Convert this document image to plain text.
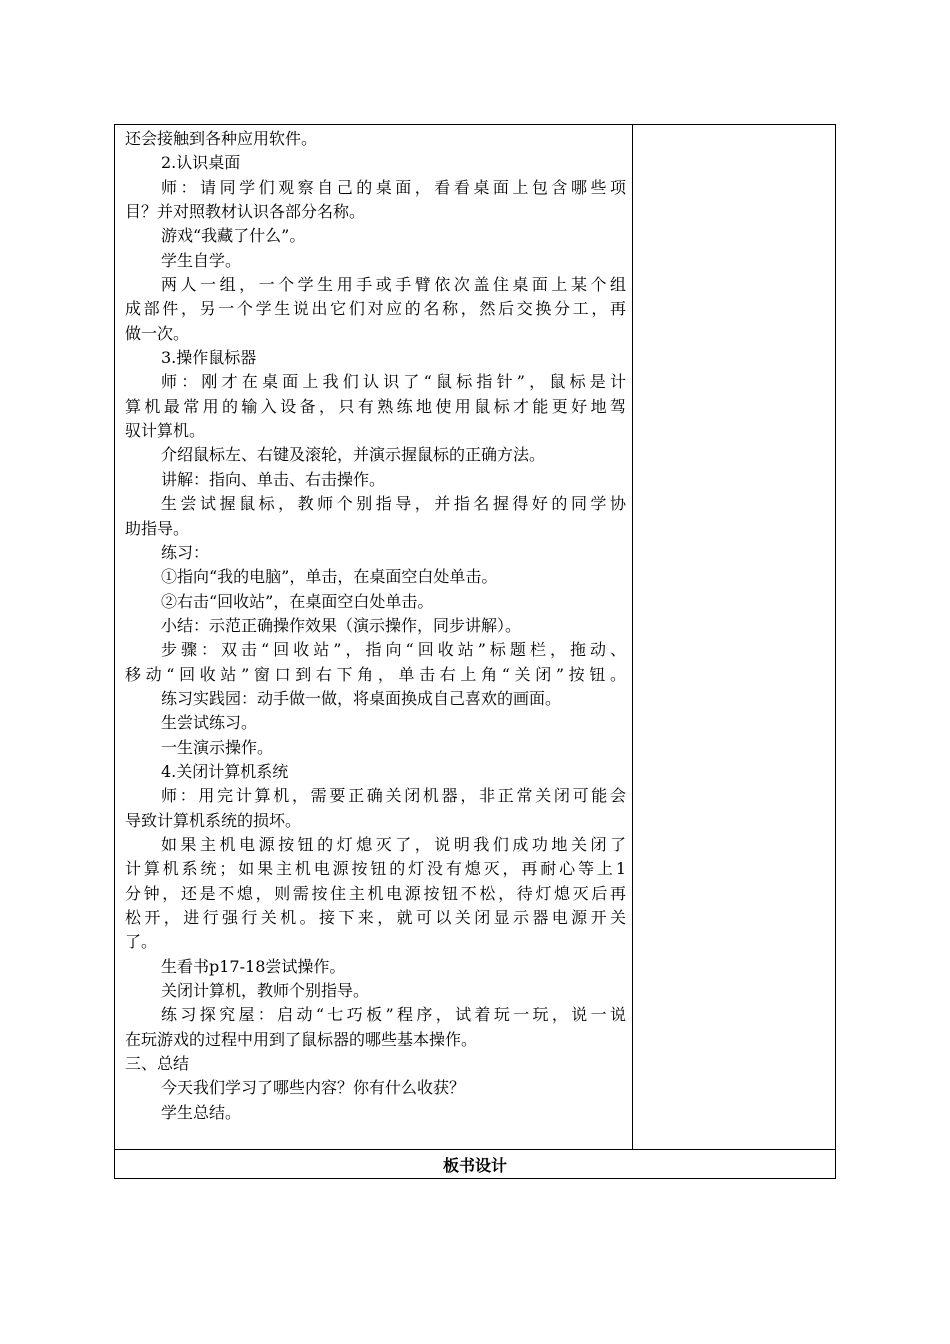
还会接触到各种应用软件。
2.认识桌面
师：请同学们观察自己的桌面，看看桌面上包含哪些项
目？并对照教材认识各部分名称。
游戏“我藏了什么”。
学生自学。
两人一组，一个学生用手或手臂依次盖住桌面上某个组
成部件，另一个学生说出它们对应的名称，然后交换分工，再
做一次。
3.操作鼠标器
师：刚才在桌面上我们认识了“鼠标指针”，鼠标是计
算机最常用的输入设备，只有熟练地使用鼠标才能更好地驾
驭计算机。
介绍鼠标左、右键及滚轮，并演示握鼠标的正确方法。
讲解：指向、单击、右击操作。
生尝试握鼠标，教师个别指导，并指名握得好的同学协
助指导。
练习：
①指向“我的电脑”，单击，在桌面空白处单击。
②右击“回收站”，在桌面空白处单击。
小结：示范正确操作效果（演示操作，同步讲解）。
步骤：双击“回收站”，指向“回收站”标题栏，拖动、
移动“回收站”窗口到右下角，单击右上角“关闭”按钮。
练习实践园：动手做一做，将桌面换成自己喜欢的画面。
生尝试练习。
一生演示操作。
4.关闭计算机系统
师：用完计算机，需要正确关闭机器，非正常关闭可能会
导致计算机系统的损坏。
如果主机电源按钮的灯熄灭了，说明我们成功地关闭了
计算机系统；如果主机电源按钮的灯没有熄灭，再耐心等上1
分钟，还是不熄，则需按住主机电源按钮不松，待灯熄灭后再
松开，进行强行关机。接下来，就可以关闭显示器电源开关
了。
生看书p17-18尝试操作。
关闭计算机，教师个别指导。
练习探究屋：启动“七巧板”程序，试着玩一玩，说一说
在玩游戏的过程中用到了鼠标器的哪些基本操作。
三、总结
今天我们学习了哪些内容？你有什么收获？
学生总结。
板书设计
